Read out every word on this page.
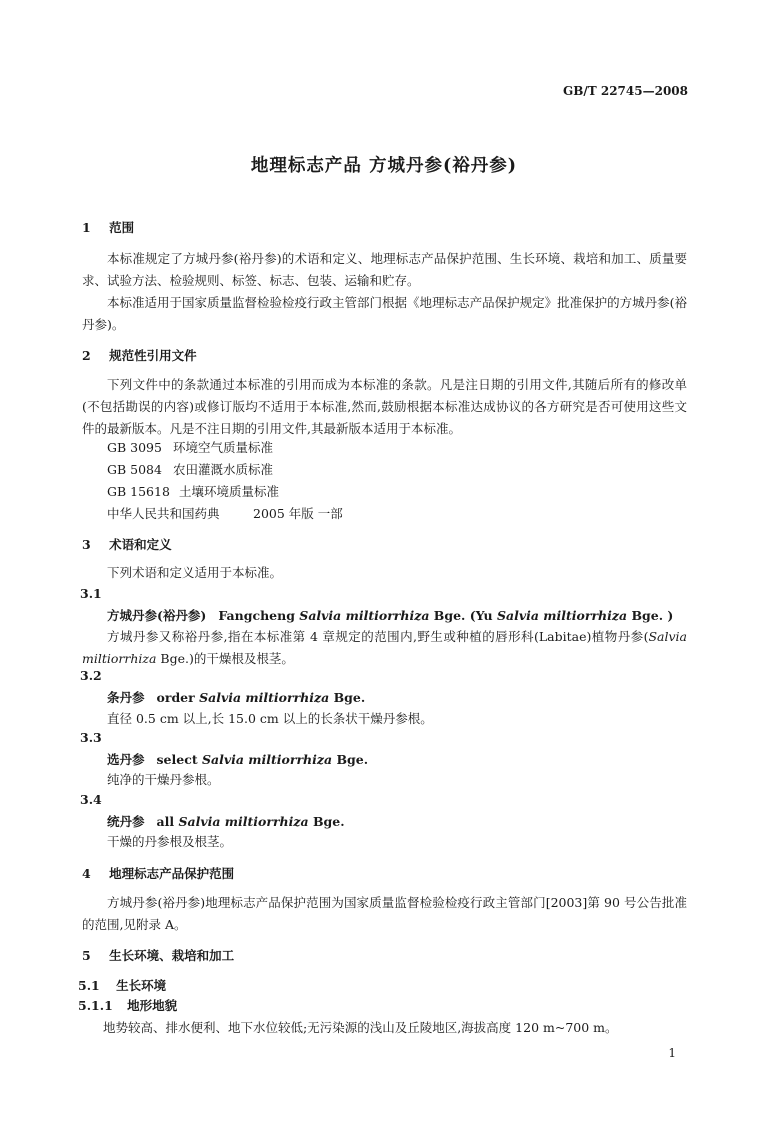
GB/T 22745—2008
地理标志产品 方城丹参(裕丹参)
1 范围
本标准规定了方城丹参(裕丹参)的术语和定义、地理标志产品保护范围、生长环境、栽培和加工、质量要求、试验方法、检验规则、标签、标志、包装、运输和贮存。
本标准适用于国家质量监督检验检疫行政主管部门根据《地理标志产品保护规定》批准保护的方城丹参(裕丹参)。
2 规范性引用文件
下列文件中的条款通过本标准的引用而成为本标准的条款。凡是注日期的引用文件,其随后所有的修改单(不包括勘误的内容)或修订版均不适用于本标准,然而,鼓励根据本标准达成协议的各方研究是否可使用这些文件的最新版本。凡是不注日期的引用文件,其最新版本适用于本标准。
GB 3095 环境空气质量标准
GB 5084 农田灌溉水质标准
GB 15618 土壤环境质量标准
中华人民共和国药典	2005 年版 一部
3 术语和定义
下列术语和定义适用于本标准。
3.1
方城丹参(裕丹参) Fangcheng Salvia miltiorrhiza Bge. (Yu Salvia miltiorrhiza Bge. )
方城丹参又称裕丹参,指在本标准第 4 章规定的范围内,野生或种植的唇形科(Labitae)植物丹参(Salvia miltiorrhiza Bge.)的干燥根及根茎。
3.2
条丹参 order Salvia miltiorrhiza Bge.
直径 0.5 cm 以上,长 15.0 cm 以上的长条状干燥丹参根。
3.3
选丹参 select Salvia miltiorrhiza Bge.
纯净的干燥丹参根。
3.4
统丹参 all Salvia miltiorrhiza Bge.
干燥的丹参根及根茎。
4 地理标志产品保护范围
方城丹参(裕丹参)地理标志产品保护范围为国家质量监督检验检疫行政主管部门[2003]第 90 号公告批准的范围,见附录 A。
5 生长环境、栽培和加工
5.1 生长环境
5.1.1 地形地貌
地势较高、排水便利、地下水位较低;无污染源的浅山及丘陵地区,海拔高度 120 m~700 m。
1
